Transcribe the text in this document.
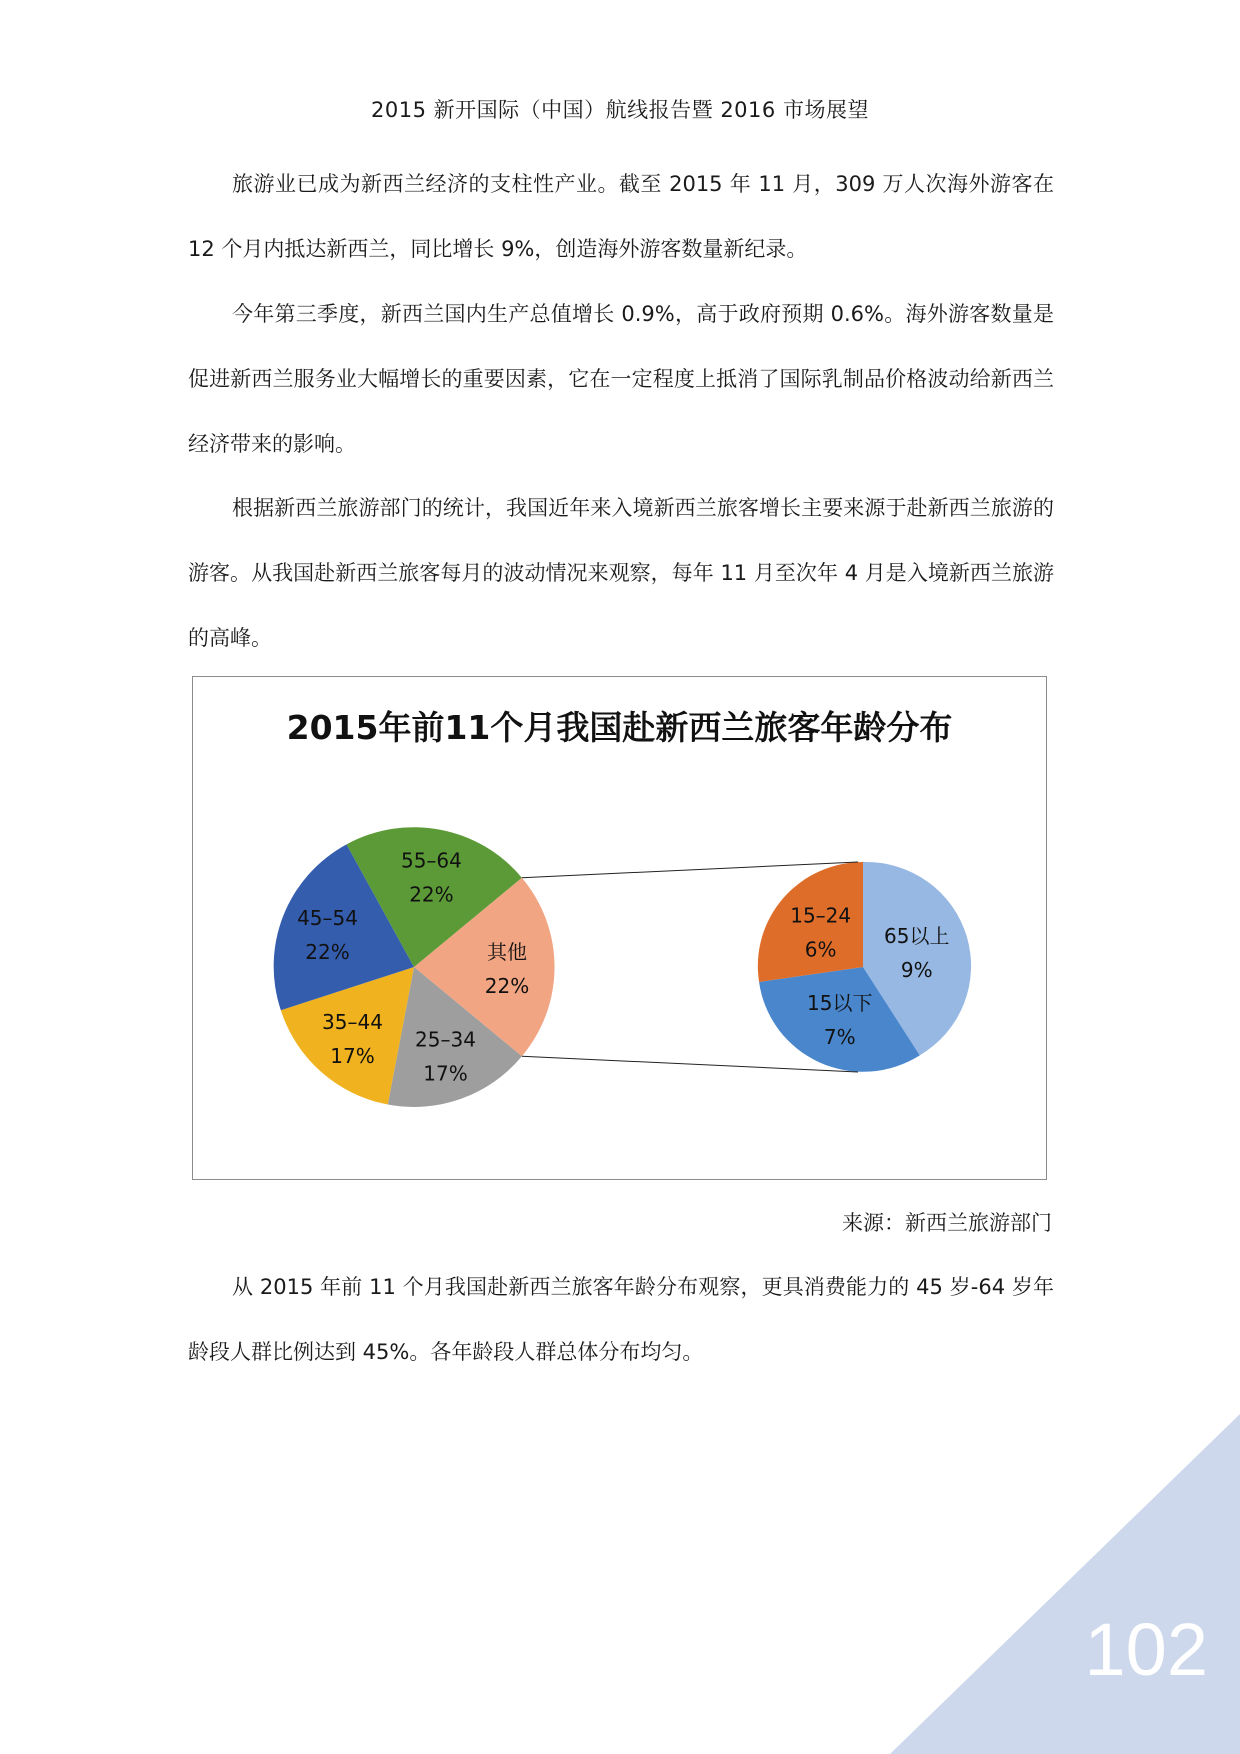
2015 新开国际（中国）航线报告暨 2016 市场展望

旅游业已成为新西兰经济的支柱性产业。截至 2015 年 11 月，309 万人次海外游客在 12 个月内抵达新西兰，同比增长 9%，创造海外游客数量新纪录。

今年第三季度，新西兰国内生产总值增长 0.9%，高于政府预期 0.6%。海外游客数量是促进新西兰服务业大幅增长的重要因素，它在一定程度上抵消了国际乳制品价格波动给新西兰经济带来的影响。

根据新西兰旅游部门的统计，我国近年来入境新西兰旅客增长主要来源于赴新西兰旅游的游客。从我国赴新西兰旅客每月的波动情况来观察，每年 11 月至次年 4 月是入境新西兰旅游的高峰。

2015年前11个月我国赴新西兰旅客年龄分布
其他
22%
25–34
17%
35–44
17%
45–54
22%
55–64
22%
65以上
9%
15以下
7%
15–24
6%
来源：新西兰旅游部门

从 2015 年前 11 个月我国赴新西兰旅客年龄分布观察，更具消费能力的 45 岁-64 岁年龄段人群比例达到 45%。各年龄段人群总体分布均匀。

102
